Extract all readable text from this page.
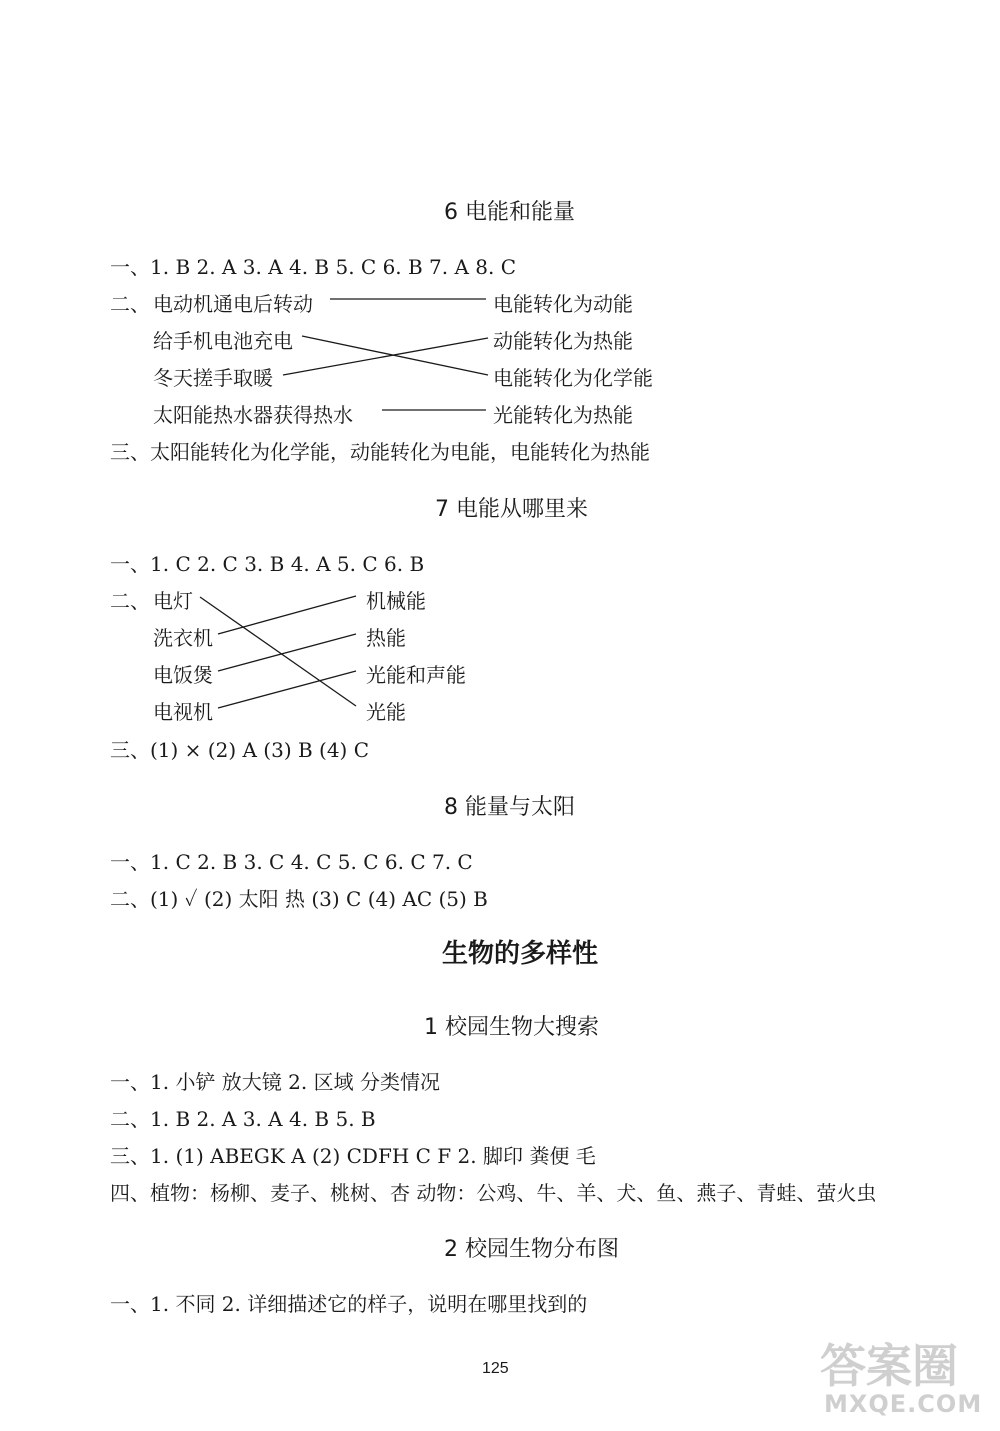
6 电能和能量
一、1. B 2. A 3. A 4. B 5. C 6. B 7. A 8. C
二、 电动机通电后转动
给手机电池充电
冬天搓手取暖
太阳能热水器获得热水
电能转化为动能
动能转化为热能
电能转化为化学能
光能转化为热能
三、太阳能转化为化学能，动能转化为电能，电能转化为热能
7 电能从哪里来
一、1. C 2. C 3. B 4. A 5. C 6. B
二、 电灯
洗衣机
电饭煲
电视机
机械能
热能
光能和声能
光能
三、(1) × (2) A (3) B (4) C
8 能量与太阳
一、1. C 2. B 3. C 4. C 5. C 6. C 7. C
二、(1) ✓ (2) 太阳 热 (3) C (4) AC (5) B
生物的多样性
1 校园生物大搜索
一、1. 小铲 放大镜 2. 区域 分类情况
二、1. B 2. A 3. A 4. B 5. B
三、1. (1) ABEGK A (2) CDFH C F 2. 脚印 粪便 毛
四、植物：杨柳、麦子、桃树、杏 动物：公鸡、牛、羊、犬、鱼、燕子、青蛙、萤火虫
2 校园生物分布图
一、1. 不同 2. 详细描述它的样子，说明在哪里找到的
125	答案圈
MXQE.COM
